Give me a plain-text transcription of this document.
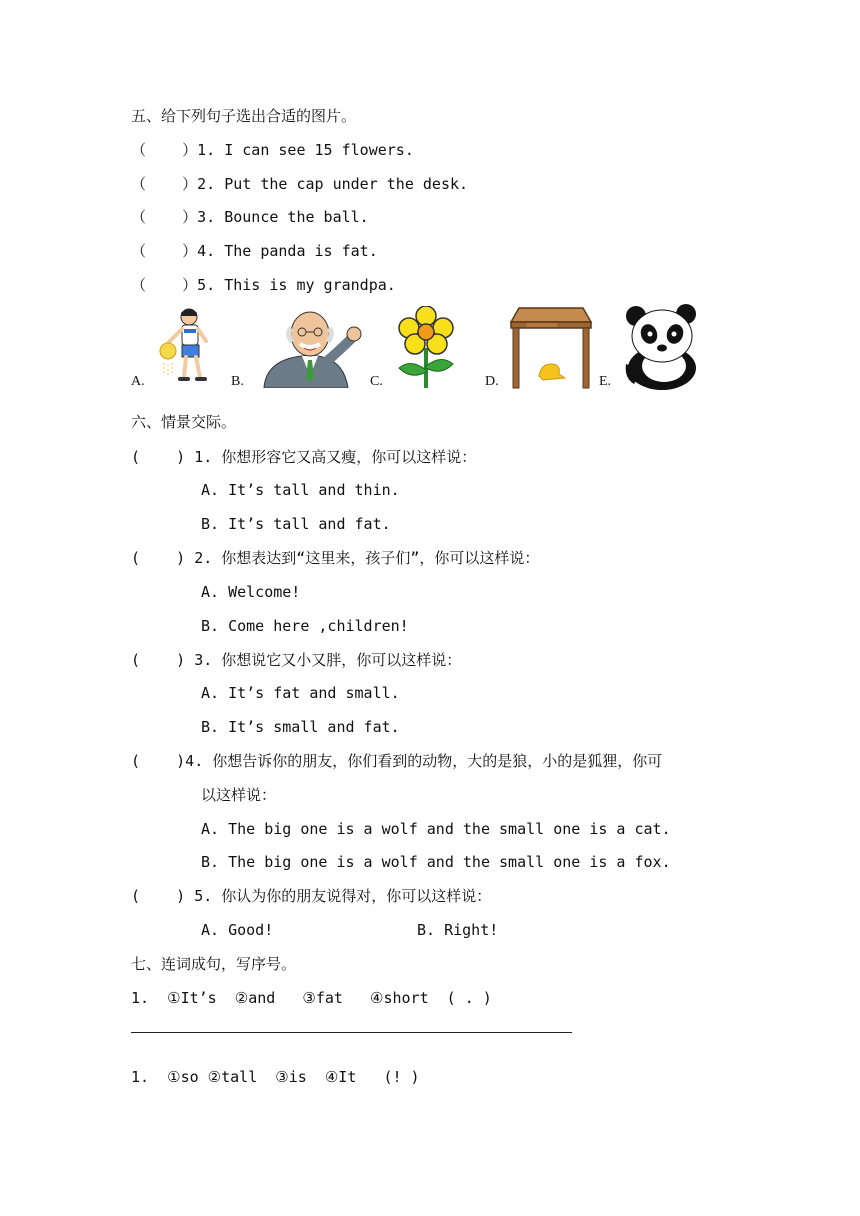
五、给下列句子选出合适的图片。
（    ）1. I can see 15 flowers.
（    ）2. Put the cap under the desk.
（    ）3. Bounce the ball.
（    ）4. The panda is fat.
（    ）5. This is my grandpa.
A.	B.	C.	D.	E.
六、情景交际。
(    ) 1. 你想形容它又高又瘦，你可以这样说：
A. It’s tall and thin.
B. It’s tall and fat.
(    ) 2. 你想表达到“这里来，孩子们”，你可以这样说：
A. Welcome!
B. Come here ,children!
(    ) 3. 你想说它又小又胖，你可以这样说：
A. It’s fat and small.
B. It’s small and fat.
(    )4. 你想告诉你的朋友，你们看到的动物，大的是狼，小的是狐狸，你可
以这样说：
A. The big one is a wolf and the small one is a cat.
B. The big one is a wolf and the small one is a fox.
(    ) 5. 你认为你的朋友说得对，你可以这样说：
A. Good!	B. Right!
七、连词成句，写序号。
1.  ①It’s  ②and   ③fat   ④short  ( . )
1.  ①so ②tall  ③is  ④It   (! )
